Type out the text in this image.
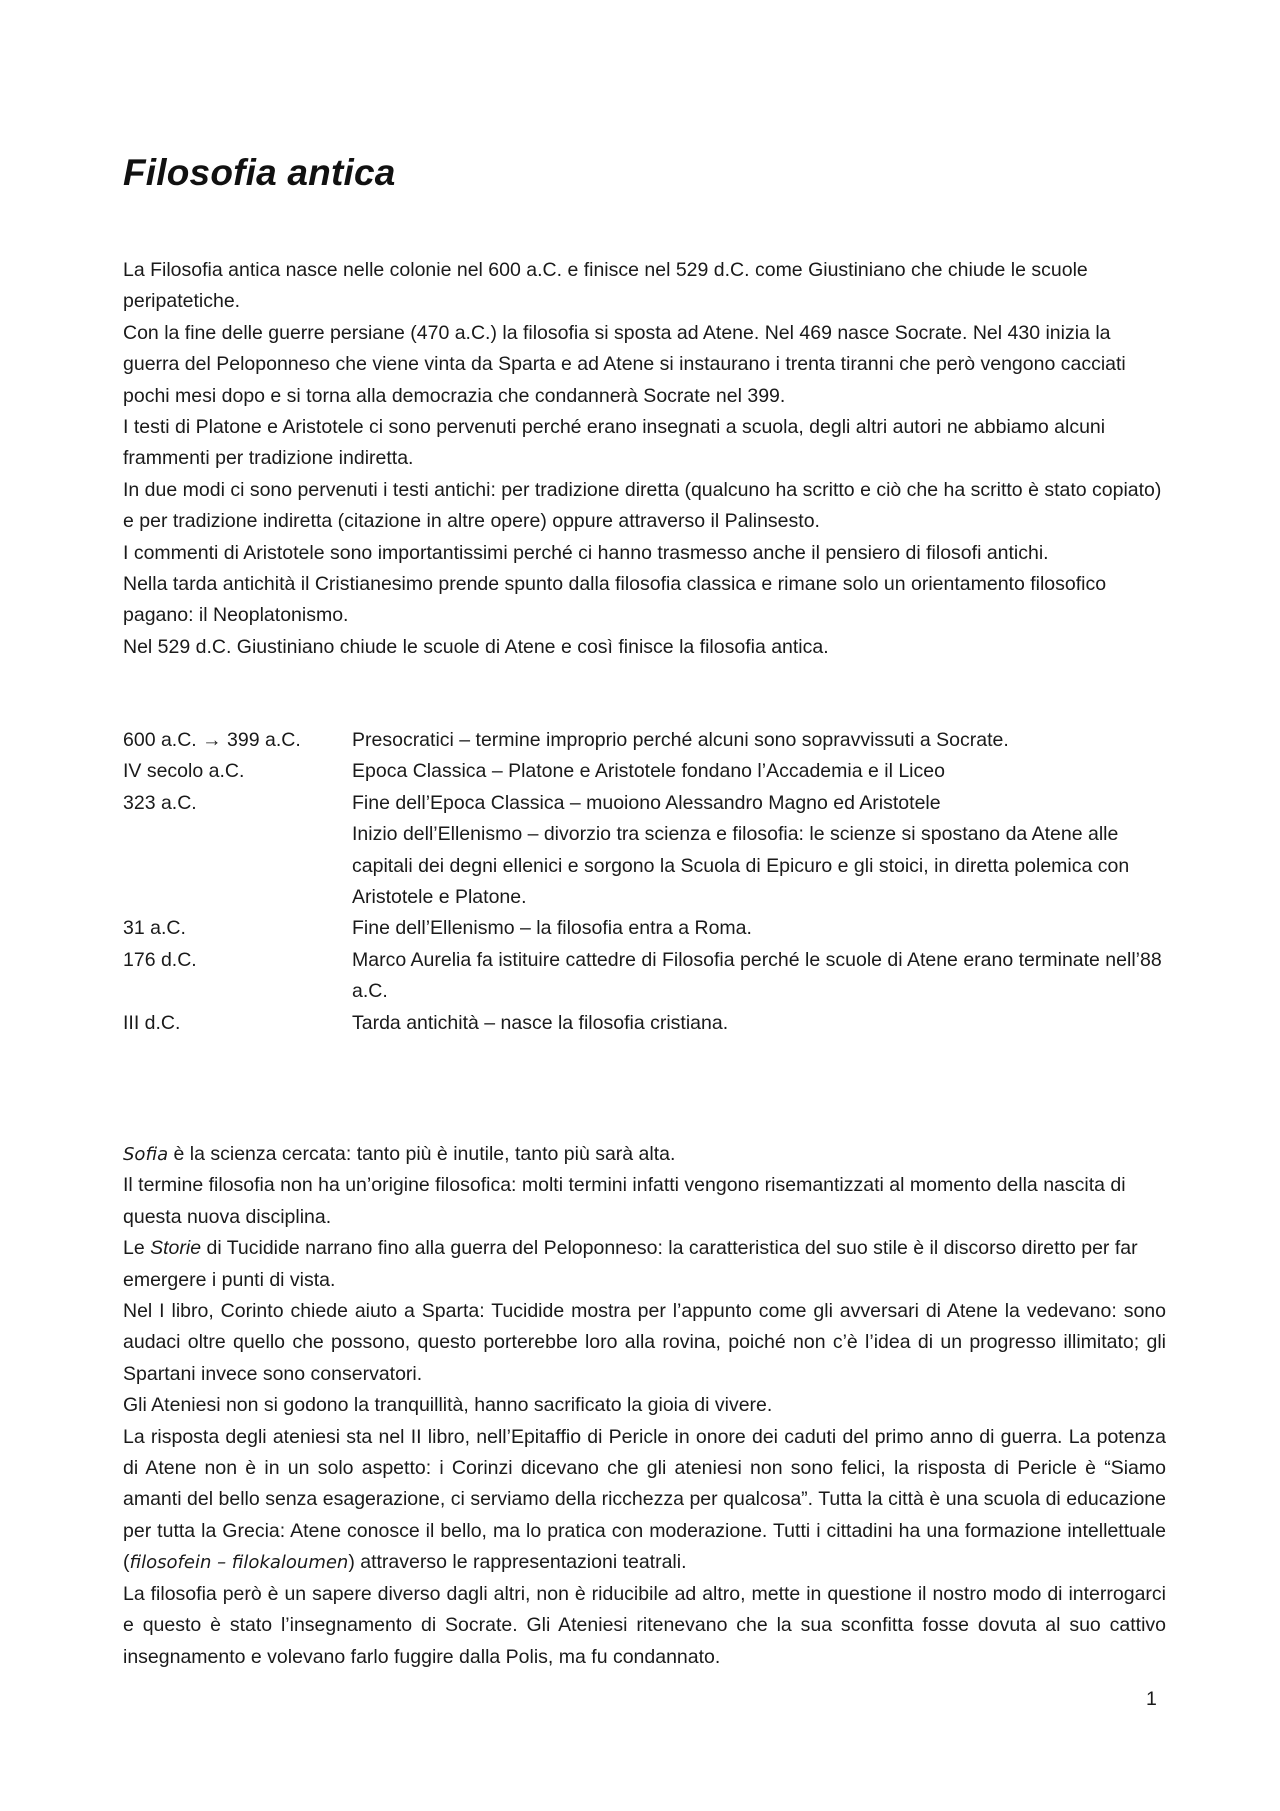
Filosofia antica

La Filosofia antica nasce nelle colonie nel 600 a.C. e finisce nel 529 d.C. come Giustiniano che chiude le scuole peripatetiche.

Con la fine delle guerre persiane (470 a.C.) la filosofia si sposta ad Atene. Nel 469 nasce Socrate. Nel 430 inizia la guerra del Peloponneso che viene vinta da Sparta e ad Atene si instaurano i trenta tiranni che però vengono cacciati pochi mesi dopo e si torna alla democrazia che condannerà Socrate nel 399.

I testi di Platone e Aristotele ci sono pervenuti perché erano insegnati a scuola, degli altri autori ne abbiamo alcuni frammenti per tradizione indiretta.

In due modi ci sono pervenuti i testi antichi: per tradizione diretta (qualcuno ha scritto e ciò che ha scritto è stato copiato) e per tradizione indiretta (citazione in altre opere) oppure attraverso il Palinsesto.

I commenti di Aristotele sono importantissimi perché ci hanno trasmesso anche il pensiero di filosofi antichi.

Nella tarda antichità il Cristianesimo prende spunto dalla filosofia classica e rimane solo un orientamento filosofico pagano: il Neoplatonismo.

Nel 529 d.C. Giustiniano chiude le scuole di Atene e così finisce la filosofia antica.

600 a.C. → 399 a.C.	Presocratici – termine improprio perché alcuni sono sopravvissuti a Socrate.
IV secolo a.C.	Epoca Classica – Platone e Aristotele fondano l’Accademia e il Liceo
323 a.C.	Fine dell’Epoca Classica – muoiono Alessandro Magno ed Aristotele
Inizio dell’Ellenismo – divorzio tra scienza e filosofia: le scienze si spostano da Atene alle capitali dei degni ellenici e sorgono la Scuola di Epicuro e gli stoici, in diretta polemica con Aristotele e Platone.
31 a.C.	Fine dell’Ellenismo – la filosofia entra a Roma.
176 d.C.	Marco Aurelia fa istituire cattedre di Filosofia perché le scuole di Atene erano terminate nell’88 a.C.
III d.C.	Tarda antichità – nasce la filosofia cristiana.

Sofia è la scienza cercata: tanto più è inutile, tanto più sarà alta.

Il termine filosofia non ha un’origine filosofica: molti termini infatti vengono risemantizzati al momento della nascita di questa nuova disciplina.

Le Storie di Tucidide narrano fino alla guerra del Peloponneso: la caratteristica del suo stile è il discorso diretto per far emergere i punti di vista.

Nel I libro, Corinto chiede aiuto a Sparta: Tucidide mostra per l’appunto come gli avversari di Atene la vedevano: sono audaci oltre quello che possono, questo porterebbe loro alla rovina, poiché non c’è l’idea di un progresso illimitato; gli Spartani invece sono conservatori.

Gli Ateniesi non si godono la tranquillità, hanno sacrificato la gioia di vivere.

La risposta degli ateniesi sta nel II libro, nell’Epitaffio di Pericle in onore dei caduti del primo anno di guerra. La potenza di Atene non è in un solo aspetto: i Corinzi dicevano che gli ateniesi non sono felici, la risposta di Pericle è “Siamo amanti del bello senza esagerazione, ci serviamo della ricchezza per qualcosa”. Tutta la città è una scuola di educazione per tutta la Grecia: Atene conosce il bello, ma lo pratica con moderazione. Tutti i cittadini ha una formazione intellettuale (filosofein – filokaloumen) attraverso le rappresentazioni teatrali.

La filosofia però è un sapere diverso dagli altri, non è riducibile ad altro, mette in questione il nostro modo di interrogarci e questo è stato l’insegnamento di Socrate. Gli Ateniesi ritenevano che la sua sconfitta fosse dovuta al suo cattivo insegnamento e volevano farlo fuggire dalla Polis, ma fu condannato.

1
